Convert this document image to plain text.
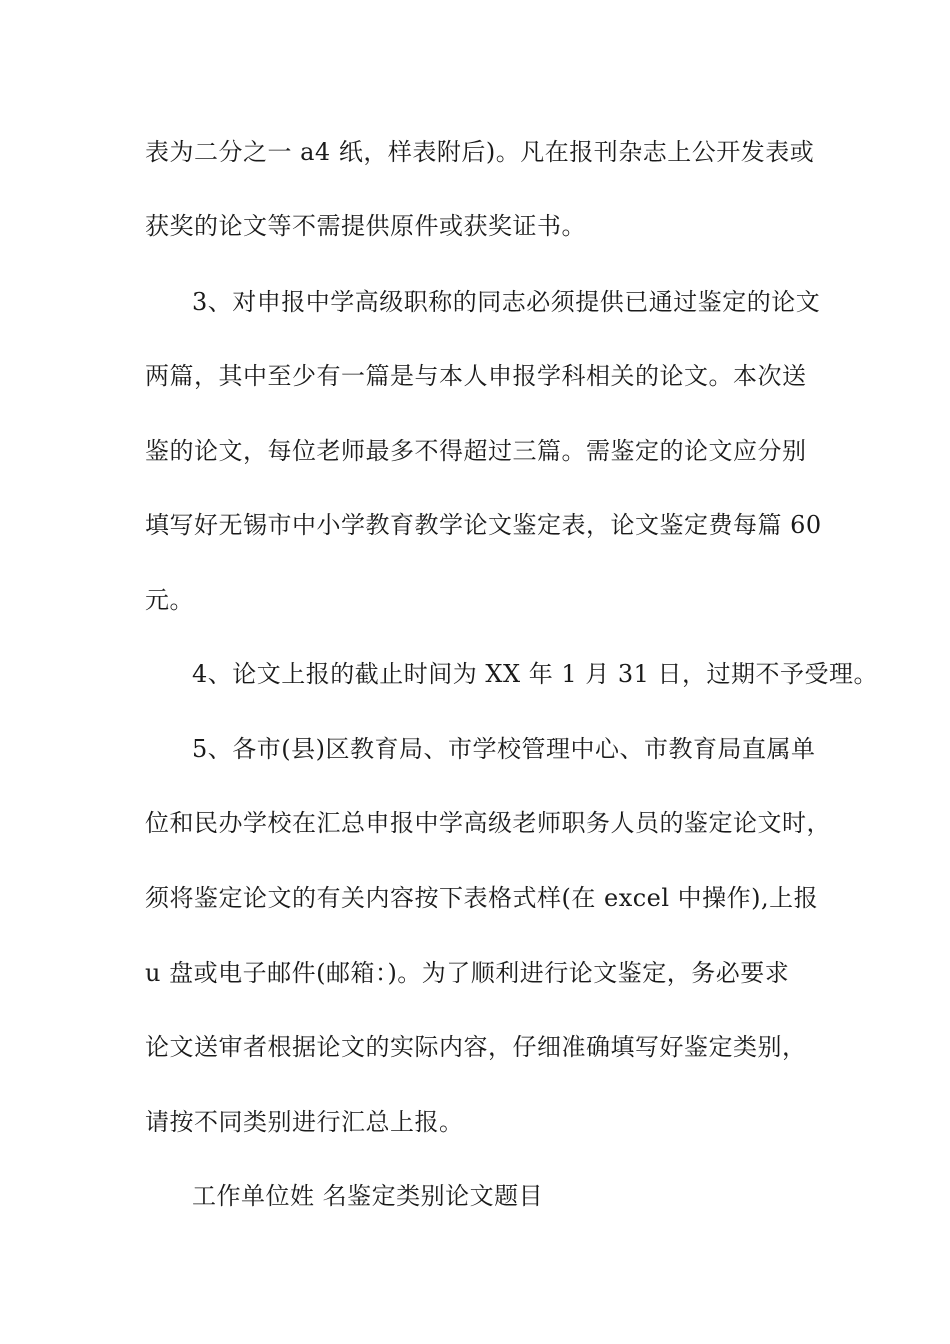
表为二分之一 a4 纸，样表附后)。凡在报刊杂志上公开发表或
获奖的论文等不需提供原件或获奖证书。
3、对申报中学高级职称的同志必须提供已通过鉴定的论文
两篇，其中至少有一篇是与本人申报学科相关的论文。本次送
鉴的论文，每位老师最多不得超过三篇。需鉴定的论文应分别
填写好无锡市中小学教育教学论文鉴定表，论文鉴定费每篇 60
元。
4、论文上报的截止时间为 XX 年 1 月 31 日，过期不予受理。
5、各市(县)区教育局、市学校管理中心、市教育局直属单
位和民办学校在汇总申报中学高级老师职务人员的鉴定论文时，
须将鉴定论文的有关内容按下表格式样(在 excel 中操作),上报
u 盘或电子邮件(邮箱：)。为了顺利进行论文鉴定，务必要求
论文送审者根据论文的实际内容，仔细准确填写好鉴定类别，
请按不同类别进行汇总上报。
工作单位姓 名鉴定类别论文题目
